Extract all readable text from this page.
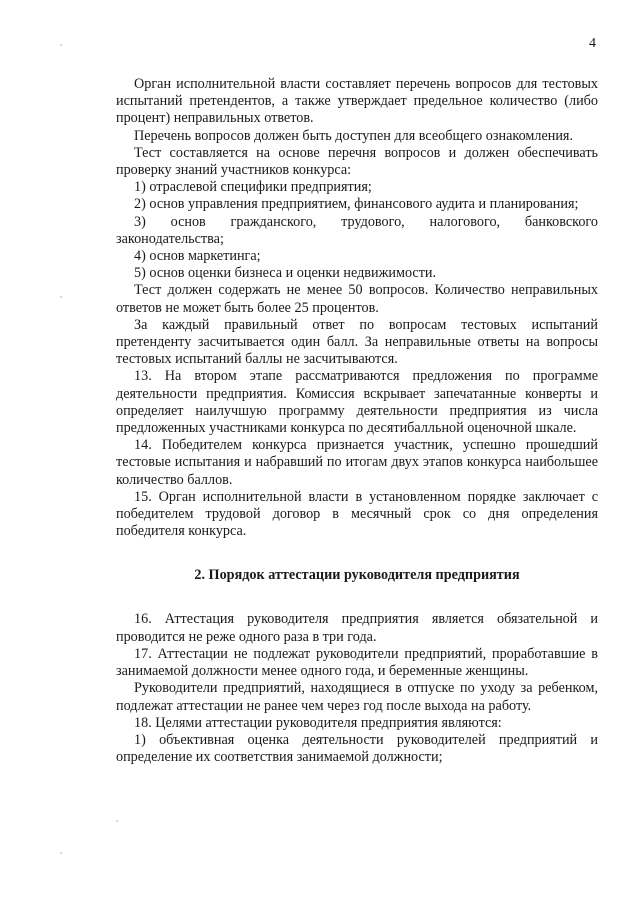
4

Орган исполнительной власти составляет перечень вопросов для тестовых испытаний претендентов, а также утверждает предельное количество (либо процент) неправильных ответов.

Перечень вопросов должен быть доступен для всеобщего ознакомления.

Тест составляется на основе перечня вопросов и должен обеспечивать проверку знаний участников конкурса:

1) отраслевой специфики предприятия;

2) основ управления предприятием, финансового аудита и планирования;

3) основ гражданского, трудового, налогового, банковского законодательства;

4) основ маркетинга;

5) основ оценки бизнеса и оценки недвижимости.

Тест должен содержать не менее 50 вопросов. Количество неправильных ответов не может быть более 25 процентов.

За каждый правильный ответ по вопросам тестовых испытаний претенденту засчитывается один балл. За неправильные ответы на вопросы тестовых испытаний баллы не засчитываются.

13. На втором этапе рассматриваются предложения по программе деятельности предприятия. Комиссия вскрывает запечатанные конверты и определяет наилучшую программу деятельности предприятия из числа предложенных участниками конкурса по десятибалльной оценочной шкале.

14. Победителем конкурса признается участник, успешно прошедший тестовые испытания и набравший по итогам двух этапов конкурса наибольшее количество баллов.

15. Орган исполнительной власти в установленном порядке заключает с победителем трудовой договор в месячный срок со дня определения победителя конкурса.

2. Порядок аттестации руководителя предприятия

16. Аттестация руководителя предприятия является обязательной и проводится не реже одного раза в три года.

17. Аттестации не подлежат руководители предприятий, проработавшие в занимаемой должности менее одного года, и беременные женщины.

Руководители предприятий, находящиеся в отпуске по уходу за ребенком, подлежат аттестации не ранее чем через год после выхода на работу.

18. Целями аттестации руководителя предприятия являются:

1) объективная оценка деятельности руководителей предприятий и определение их соответствия занимаемой должности;
